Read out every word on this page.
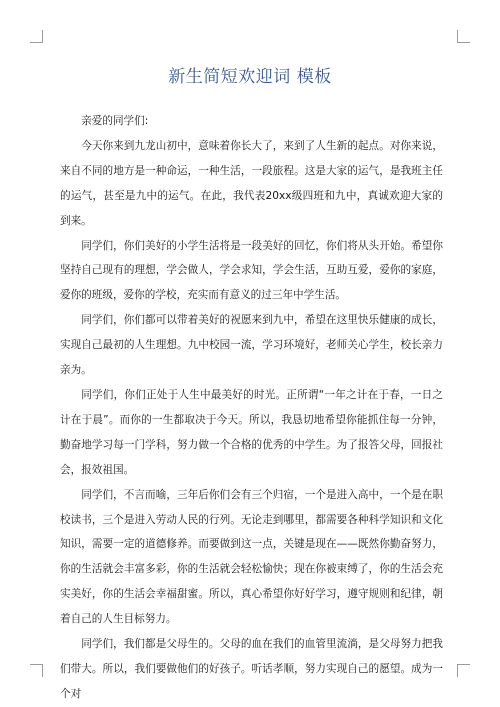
新生简短欢迎词 模板

亲爱的同学们:

今天你来到九龙山初中，意味着你长大了，来到了人生新的起点。对你来说，来自不同的地方是一种命运，一种生活，一段旅程。这是大家的运气，是我班主任的运气，甚至是九中的运气。在此，我代表20xx级四班和九中，真诚欢迎大家的到来。

同学们，你们美好的小学生活将是一段美好的回忆，你们将从头开始。希望你坚持自己现有的理想，学会做人，学会求知，学会生活，互助互爱，爱你的家庭，爱你的班级，爱你的学校，充实而有意义的过三年中学生活。

同学们，你们都可以带着美好的祝愿来到九中，希望在这里快乐健康的成长，实现自己最初的人生理想。九中校园一流，学习环境好，老师关心学生，校长亲力亲为。

同学们，你们正处于人生中最美好的时光。正所谓“一年之计在于春，一日之计在于晨”。而你的一生都取决于今天。所以，我恳切地希望你能抓住每一分钟，勤奋地学习每一门学科，努力做一个合格的优秀的中学生。为了报答父母，回报社会，报效祖国。

同学们，不言而喻，三年后你们会有三个归宿，一个是进入高中，一个是在职校读书，三个是进入劳动人民的行列。无论走到哪里，都需要各种科学知识和文化知识，需要一定的道德修养。而要做到这一点，关键是现在——既然你勤奋努力，你的生活就会丰富多彩，你的生活就会轻松愉快；现在你被束缚了，你的生活会充实美好，你的生活会幸福甜蜜。所以，真心希望你好好学习，遵守规则和纪律，朝着自己的人生目标努力。

同学们，我们都是父母生的。父母的血在我们的血管里流淌，是父母努力把我们带大。所以，我们要做他们的好孩子。听话孝顺，努力实现自己的愿望。成为一个对
